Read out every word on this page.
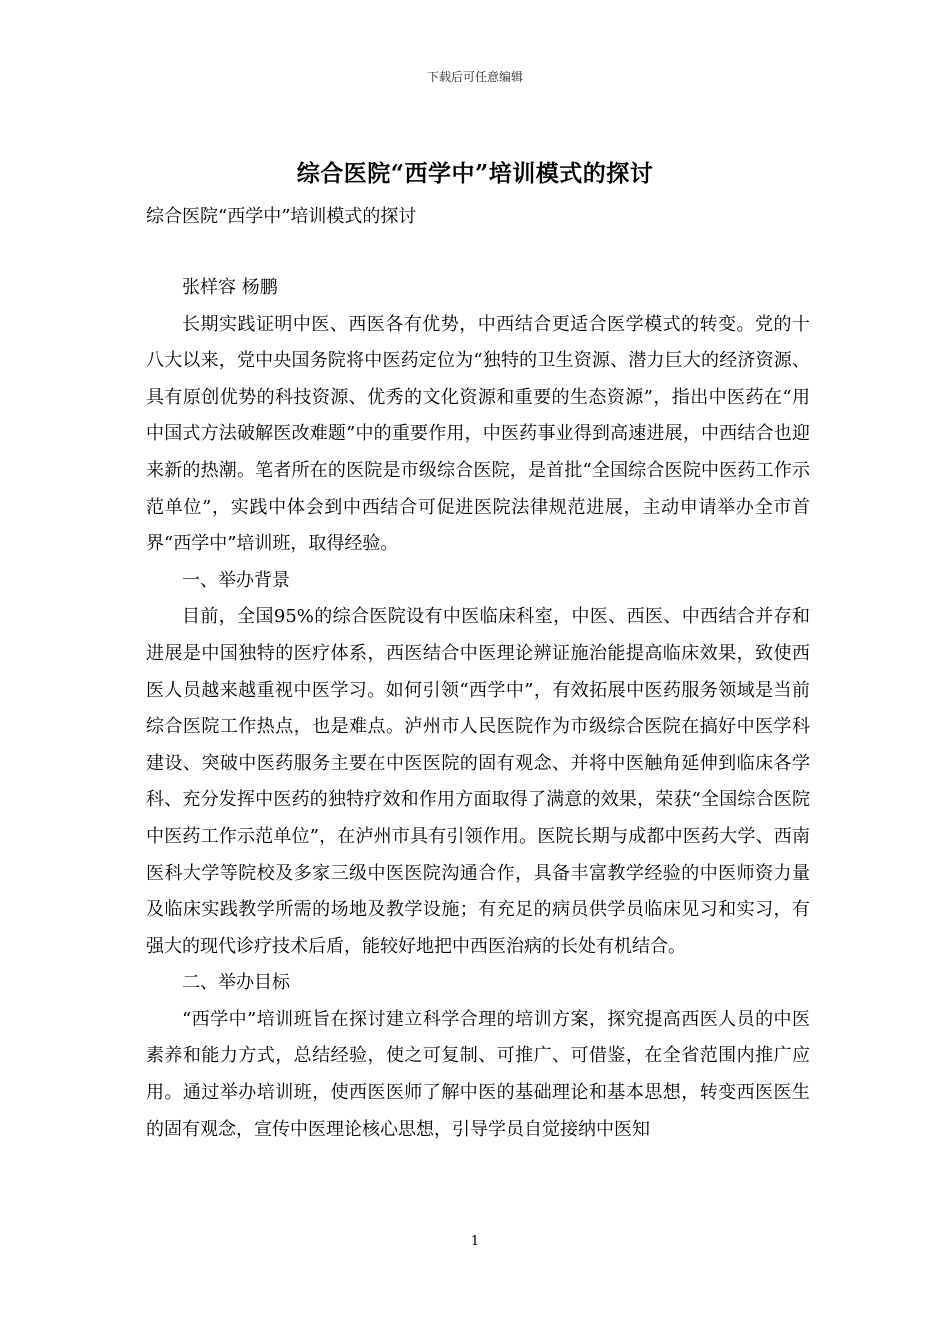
下载后可任意编辑
综合医院“西学中”培训模式的探讨
综合医院“西学中”培训模式的探讨

张样容 杨鹏

长期实践证明中医、西医各有优势，中西结合更适合医学模式的转变。党的十八大以来，党中央国务院将中医药定位为“独特的卫生资源、潜力巨大的经济资源、具有原创优势的科技资源、优秀的文化资源和重要的生态资源”，指出中医药在“用中国式方法破解医改难题”中的重要作用，中医药事业得到高速进展，中西结合也迎来新的热潮。笔者所在的医院是市级综合医院，是首批“全国综合医院中医药工作示范单位”，实践中体会到中西结合可促进医院法律规范进展，主动申请举办全市首界“西学中”培训班，取得经验。

一、举办背景

目前，全国95%的综合医院设有中医临床科室，中医、西医、中西结合并存和进展是中国独特的医疗体系，西医结合中医理论辨证施治能提高临床效果，致使西医人员越来越重视中医学习。如何引领“西学中”，有效拓展中医药服务领域是当前综合医院工作热点，也是难点。泸州市人民医院作为市级综合医院在搞好中医学科建设、突破中医药服务主要在中医医院的固有观念、并将中医触角延伸到临床各学科、充分发挥中医药的独特疗效和作用方面取得了满意的效果，荣获“全国综合医院中医药工作示范单位”，在泸州市具有引领作用。医院长期与成都中医药大学、西南医科大学等院校及多家三级中医医院沟通合作，具备丰富教学经验的中医师资力量及临床实践教学所需的场地及教学设施；有充足的病员供学员临床见习和实习，有强大的现代诊疗技术后盾，能较好地把中西医治病的长处有机结合。

二、举办目标

“西学中”培训班旨在探讨建立科学合理的培训方案，探究提高西医人员的中医素养和能力方式，总结经验，使之可复制、可推广、可借鉴，在全省范围内推广应用。通过举办培训班，使西医医师了解中医的基础理论和基本思想，转变西医医生的固有观念，宣传中医理论核心思想，引导学员自觉接纳中医知

1
